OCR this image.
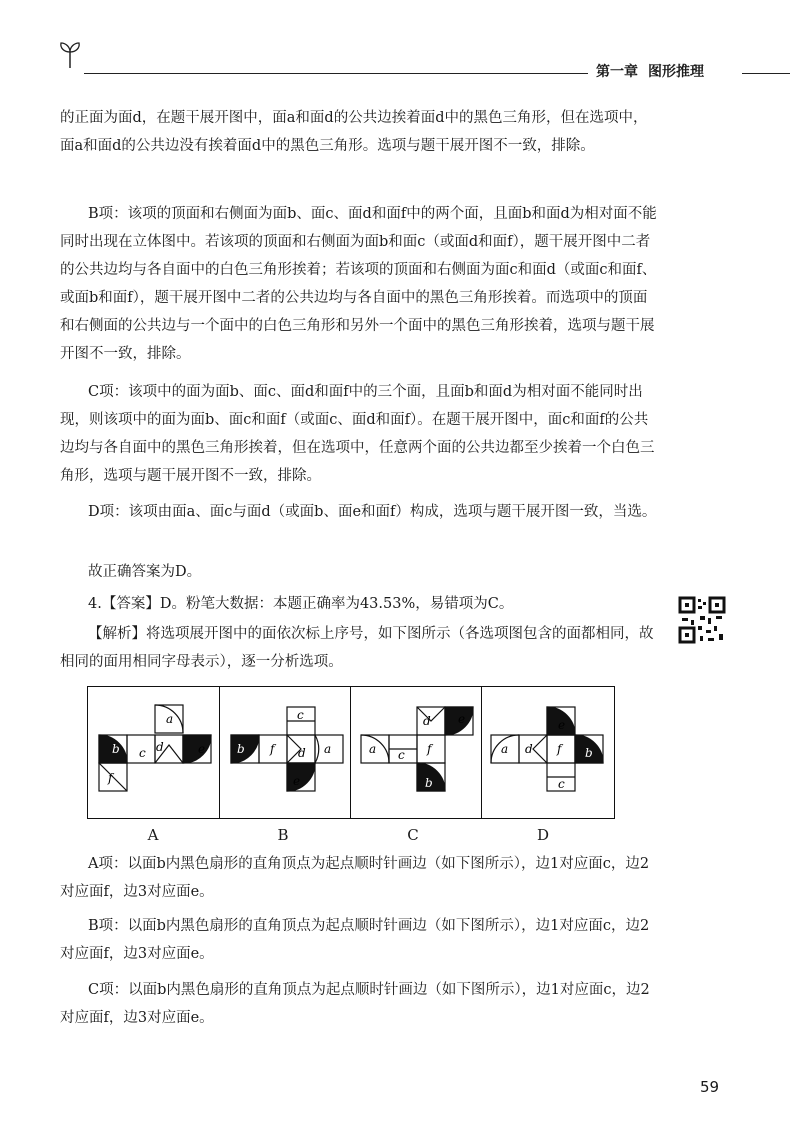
第一章 图形推理

的正面为面d，在题干展开图中，面a和面d的公共边挨着面d中的黑色三角形，但在选项中，面a和面d的公共边没有挨着面d中的黑色三角形。选项与题干展开图不一致，排除。

B项：该项的顶面和右侧面为面b、面c、面d和面f中的两个面，且面b和面d为相对面不能同时出现在立体图中。若该项的顶面和右侧面为面b和面c（或面d和面f），题干展开图中二者的公共边均与各自面中的白色三角形挨着；若该项的顶面和右侧面为面c和面d（或面c和面f、或面b和面f），题干展开图中二者的公共边均与各自面中的黑色三角形挨着。而选项中的顶面和右侧面的公共边与一个面中的白色三角形和另外一个面中的黑色三角形挨着，选项与题干展开图不一致，排除。

C项：该项中的面为面b、面c、面d和面f中的三个面，且面b和面d为相对面不能同时出现，则该项中的面为面b、面c和面f（或面c、面d和面f）。在题干展开图中，面c和面f的公共边均与各自面中的黑色三角形挨着，但在选项中，任意两个面的公共边都至少挨着一个白色三角形，选项与题干展开图不一致，排除。

D项：该项由面a、面c与面d（或面b、面e和面f）构成，选项与题干展开图一致，当选。

故正确答案为D。

4.【答案】D。粉笔大数据：本题正确率为43.53%，易错项为C。

【解析】将选项展开图中的面依次标上序号，如下图所示（各选项图包含的面都相同，故相同的面用相同字母表示），逐一分析选项。

a
b c d	e
f
b f d a
c
e
d e
a c f
b
e
a d f b
c
A	B	C	D

A项：以面b内黑色扇形的直角顶点为起点顺时针画边（如下图所示），边1对应面c，边2对应面f，边3对应面e。

B项：以面b内黑色扇形的直角顶点为起点顺时针画边（如下图所示），边1对应面c，边2对应面f，边3对应面e。

C项：以面b内黑色扇形的直角顶点为起点顺时针画边（如下图所示），边1对应面c，边2对应面f，边3对应面e。

59
